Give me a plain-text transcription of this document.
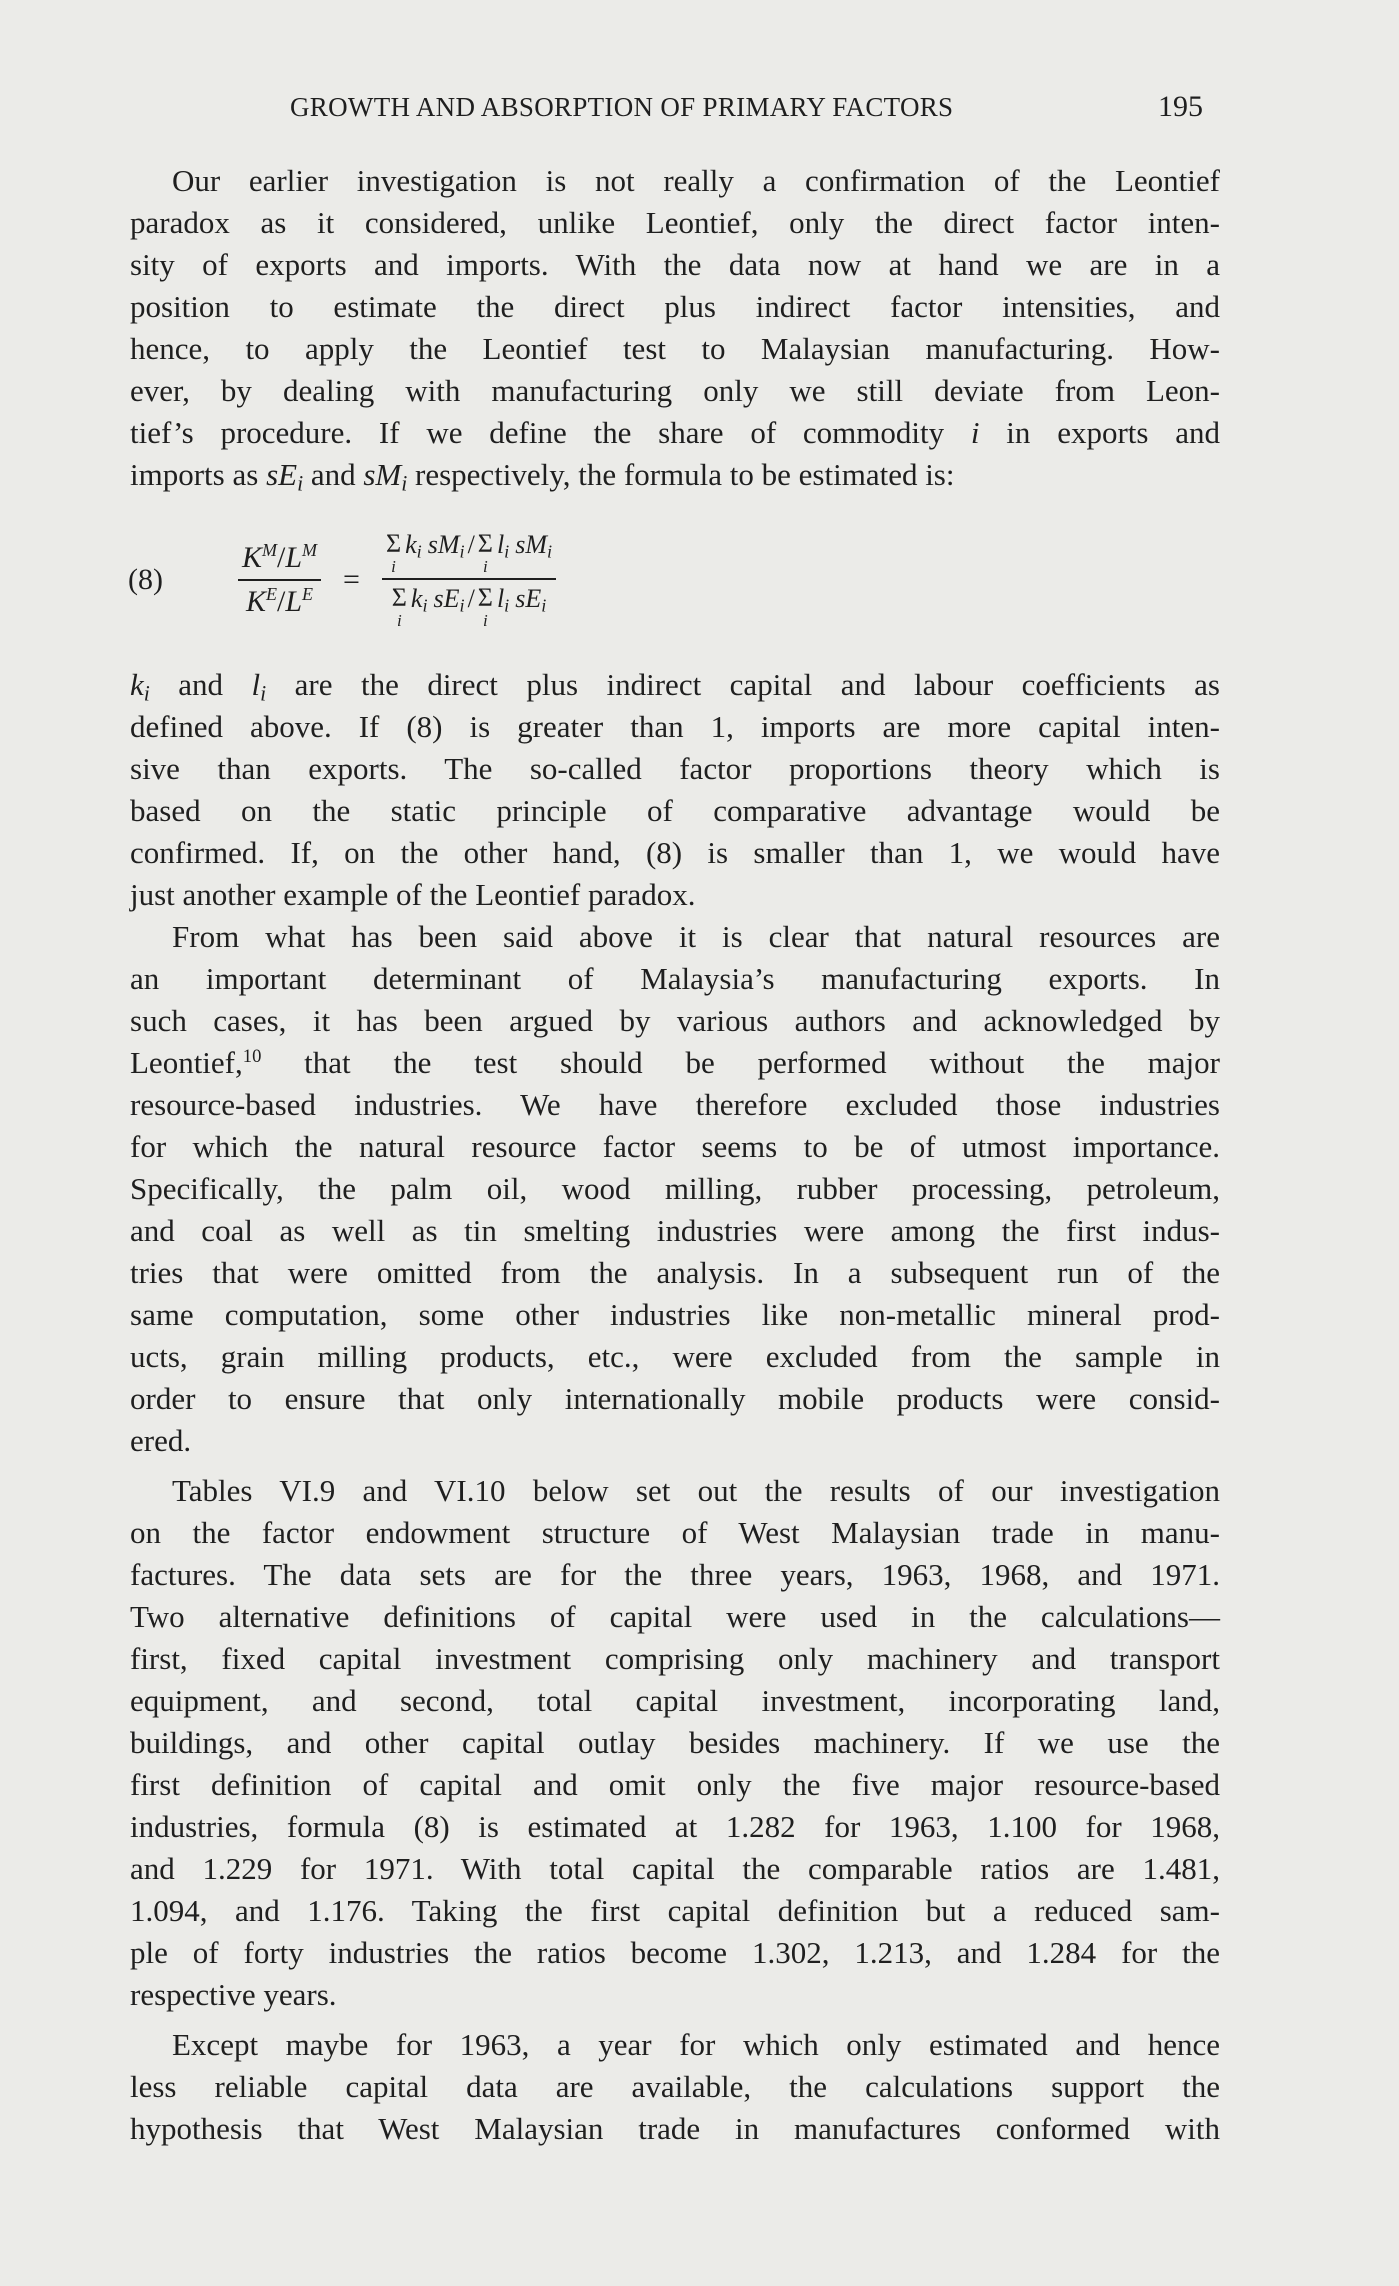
GROWTH AND ABSORPTION OF PRIMARY FACTORS	195
Our earlier investigation is not really a confirmation of the Leontief
paradox as it considered, unlike Leontief, only the direct factor inten-
sity of exports and imports. With the data now at hand we are in a
position to estimate the direct plus indirect factor intensities, and
hence, to apply the Leontief test to Malaysian manufacturing. How-
ever, by dealing with manufacturing only we still deviate from Leon-
tief’s procedure. If we define the share of commodity i in exports and
imports as $sE_i$ and $sM_i$ respectively, the formula to be estimated is:
(8)	$\frac{K^M/L^M}{K^E/L^E} = \Sigma$
i
$k_i$ $sM_i$ / Σ
i
$l_i$ $sM_i$
Σ
i
$k_i$ $sE_i$ / Σ
i
$l_i$ $sE_i$
$k_i$ and $l_i$ are the direct plus indirect capital and labour coefficients as
defined above. If (8) is greater than 1, imports are more capital inten-
sive than exports. The so-called factor proportions theory which is
based on the static principle of comparative advantage would be
confirmed. If, on the other hand, (8) is smaller than 1, we would have
just another example of the Leontief paradox.
From what has been said above it is clear that natural resources are
an important determinant of Malaysia’s manufacturing exports. In
such cases, it has been argued by various authors and acknowledged by
Leontief,$^{10}$ that the test should be performed without the major
resource-based industries. We have therefore excluded those industries
for which the natural resource factor seems to be of utmost importance.
Specifically, the palm oil, wood milling, rubber processing, petroleum,
and coal as well as tin smelting industries were among the first indus-
tries that were omitted from the analysis. In a subsequent run of the
same computation, some other industries like non-metallic mineral prod-
ucts, grain milling products, etc., were excluded from the sample in
order to ensure that only internationally mobile products were consid-
ered.
Tables VI.9 and VI.10 below set out the results of our investigation
on the factor endowment structure of West Malaysian trade in manu-
factures. The data sets are for the three years, 1963, 1968, and 1971.
Two alternative definitions of capital were used in the calculations—
first, fixed capital investment comprising only machinery and transport
equipment, and second, total capital investment, incorporating land,
buildings, and other capital outlay besides machinery. If we use the
first definition of capital and omit only the five major resource-based
industries, formula (8) is estimated at 1.282 for 1963, 1.100 for 1968,
and 1.229 for 1971. With total capital the comparable ratios are 1.481,
1.094, and 1.176. Taking the first capital definition but a reduced sam-
ple of forty industries the ratios become 1.302, 1.213, and 1.284 for the
respective years.
Except maybe for 1963, a year for which only estimated and hence
less reliable capital data are available, the calculations support the
hypothesis that West Malaysian trade in manufactures conformed with
